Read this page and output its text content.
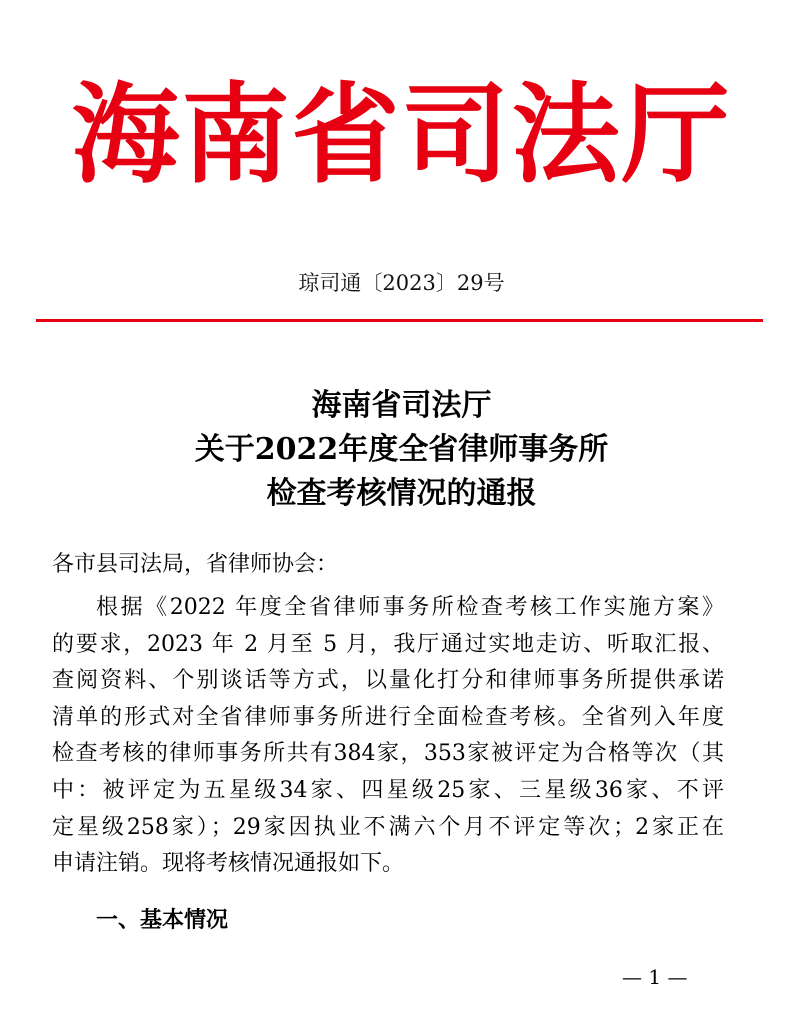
海南省司法厅
琼司通〔2023〕29号
海南省司法厅
关于2022年度全省律师事务所
检查考核情况的通报
各市县司法局，省律师协会：
根据《2022 年度全省律师事务所检查考核工作实施方案》
的要求，2023 年 2 月至 5 月，我厅通过实地走访、听取汇报、
查阅资料、个别谈话等方式，以量化打分和律师事务所提供承诺
清单的形式对全省律师事务所进行全面检查考核。全省列入年度
检查考核的律师事务所共有384家，353家被评定为合格等次（其
中：被评定为五星级34家、四星级25家、三星级36家、不评
定星级258家）；29家因执业不满六个月不评定等次；2家正在
申请注销。现将考核情况通报如下。
一、基本情况
— 1 —
